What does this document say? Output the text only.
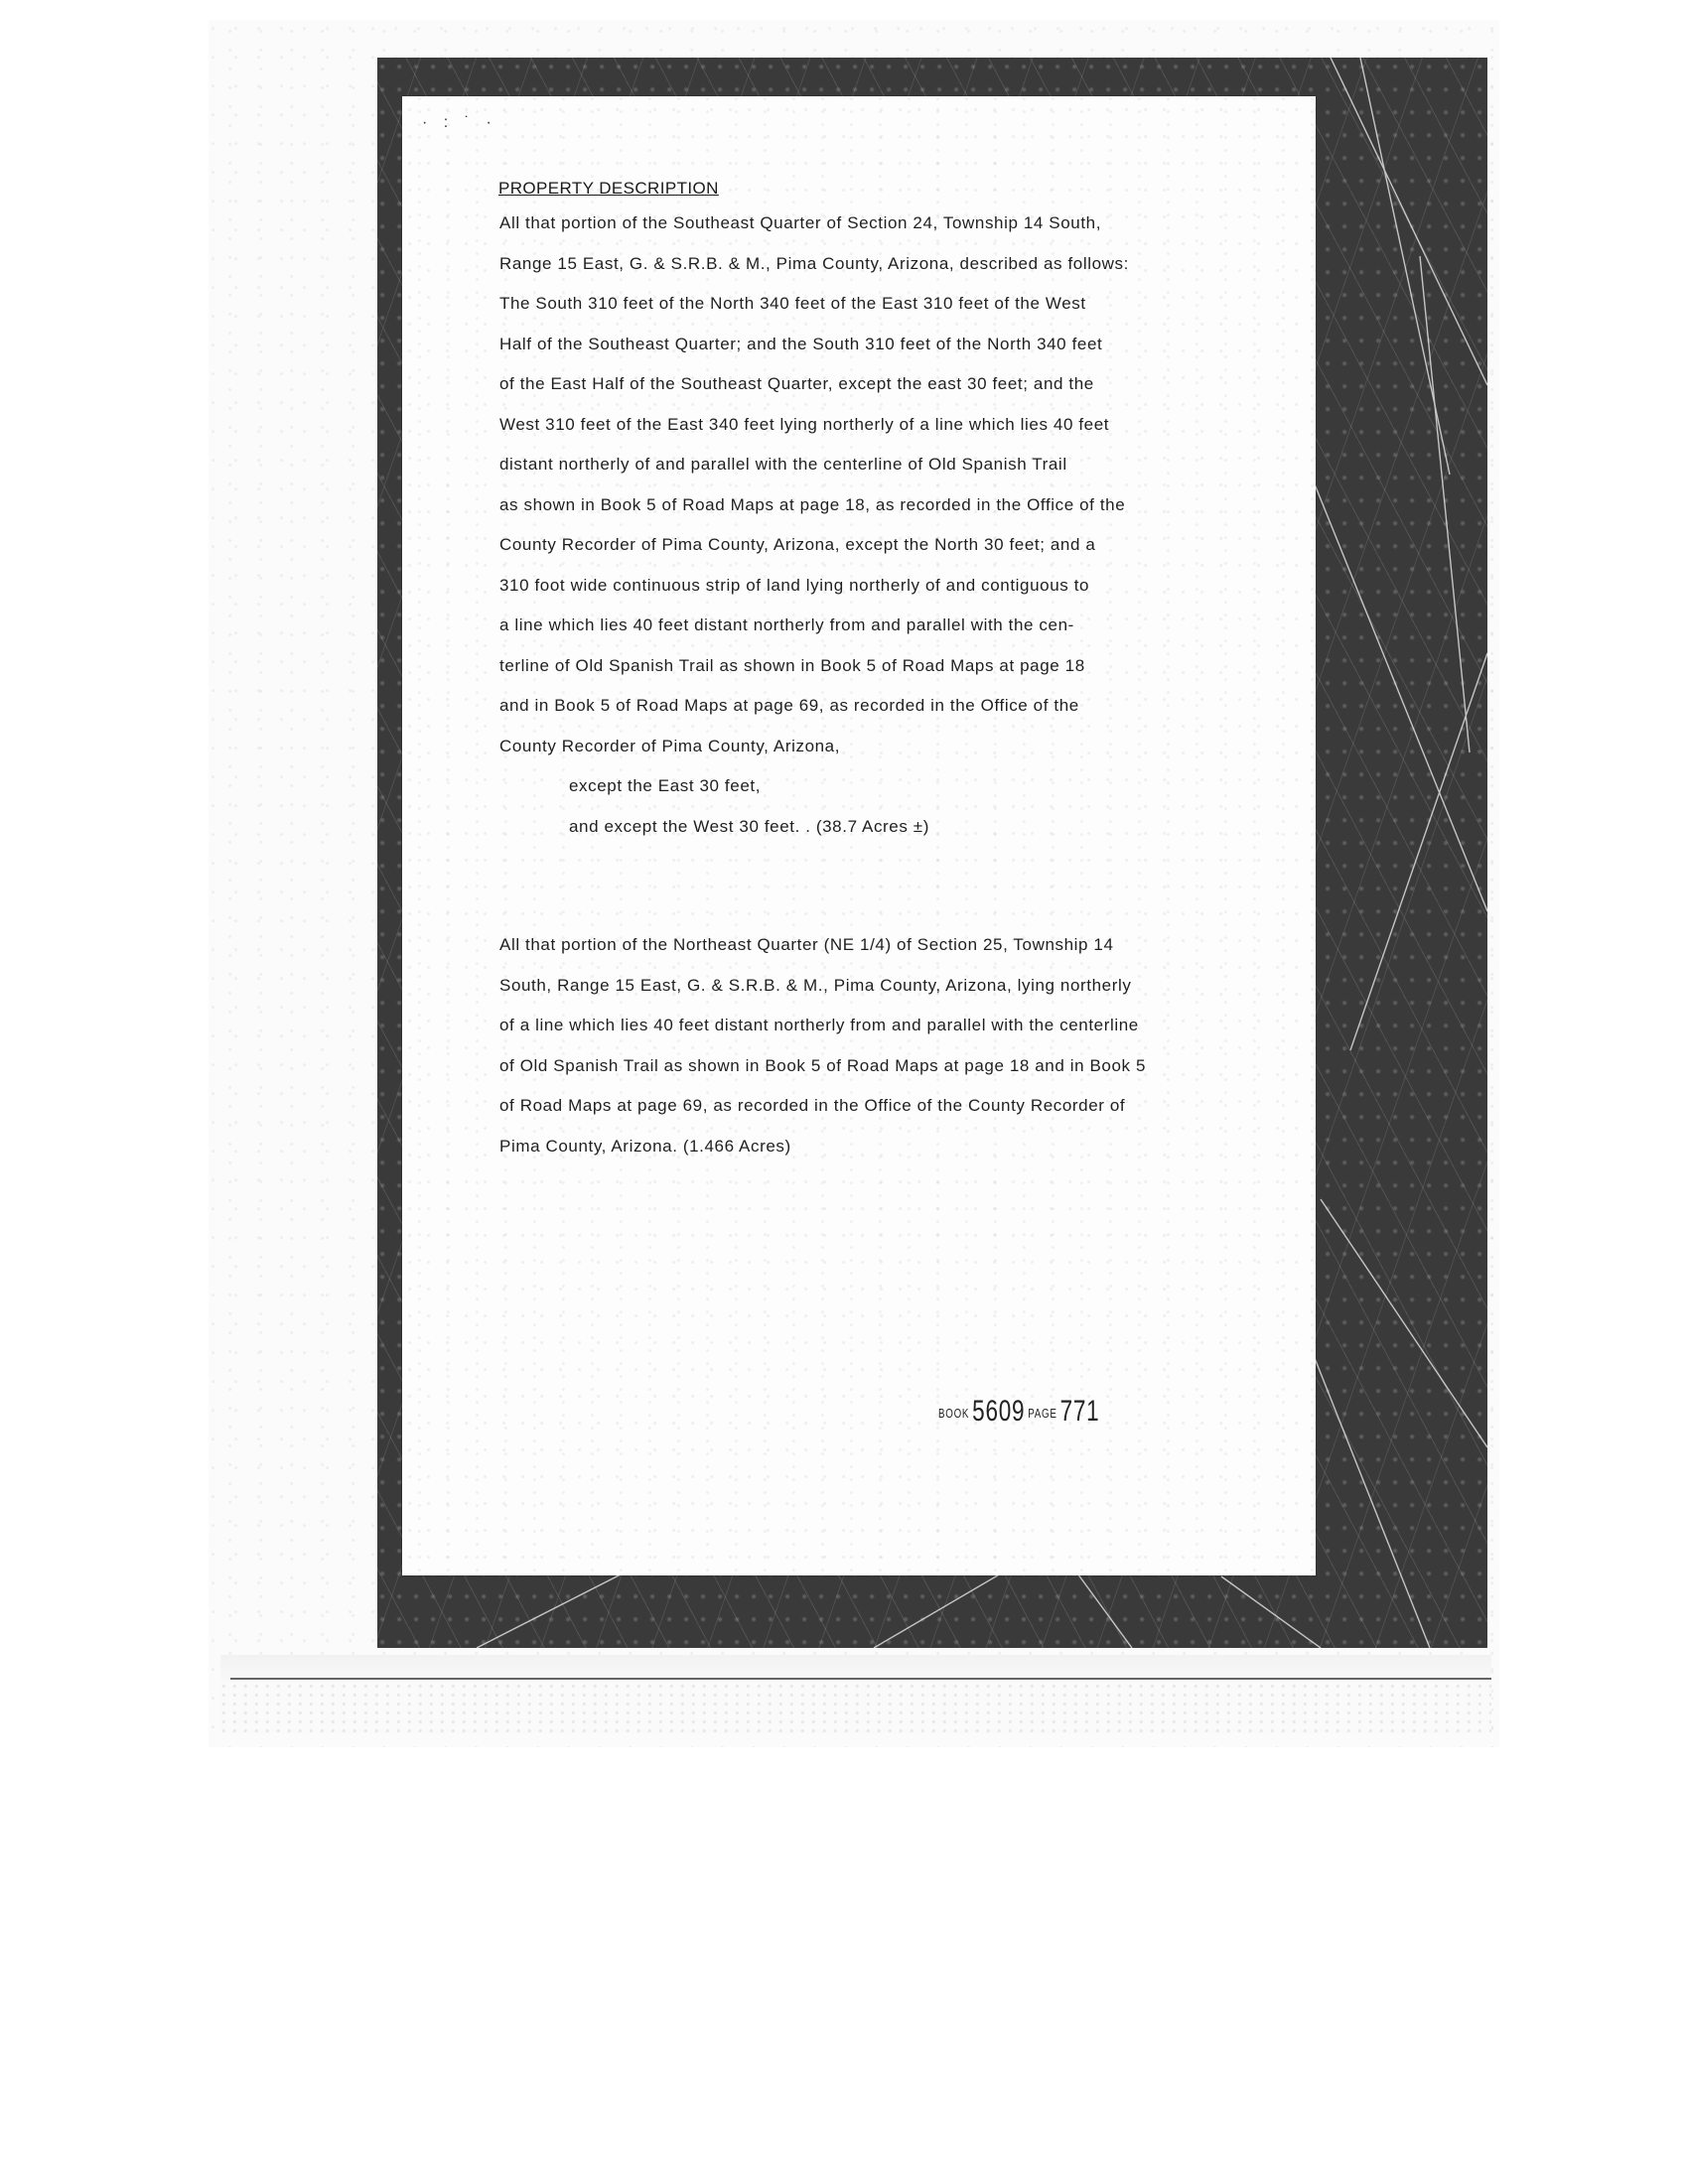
· : ˙ ·
PROPERTY DESCRIPTION
All that portion of the Southeast Quarter of Section 24, Township 14 South,
Range 15 East, G. & S.R.B. & M., Pima County, Arizona, described as follows:
The South 310 feet of the North 340 feet of the East 310 feet of the West
Half of the Southeast Quarter; and the South 310 feet of the North 340 feet
of the East Half of the Southeast Quarter, except the east 30 feet; and the
West 310 feet of the East 340 feet lying northerly of a line which lies 40 feet
distant northerly of and parallel with the centerline of Old Spanish Trail
as shown in Book 5 of Road Maps at page 18, as recorded in the Office of the
County Recorder of Pima County, Arizona, except the North 30 feet; and a
310 foot wide continuous strip of land lying northerly of and contiguous to
a line which lies 40 feet distant northerly from and parallel with the cen-
terline of Old Spanish Trail as shown in Book 5 of Road Maps at page 18
and in Book 5 of Road Maps at page 69, as recorded in the Office of the
County Recorder of Pima County, Arizona,
except the East 30 feet,
and except the West 30 feet. . (38.7 Acres ±)
All that portion of the Northeast Quarter (NE 1/4) of Section 25, Township 14
South, Range 15 East, G. & S.R.B. & M., Pima County, Arizona, lying northerly
of a line which lies 40 feet distant northerly from and parallel with the centerline
of Old Spanish Trail as shown in Book 5 of Road Maps at page 18 and in Book 5
of Road Maps at page 69, as recorded in the Office of the County Recorder of
Pima County, Arizona. (1.466 Acres)
BOOK 5609 PAGE 771
